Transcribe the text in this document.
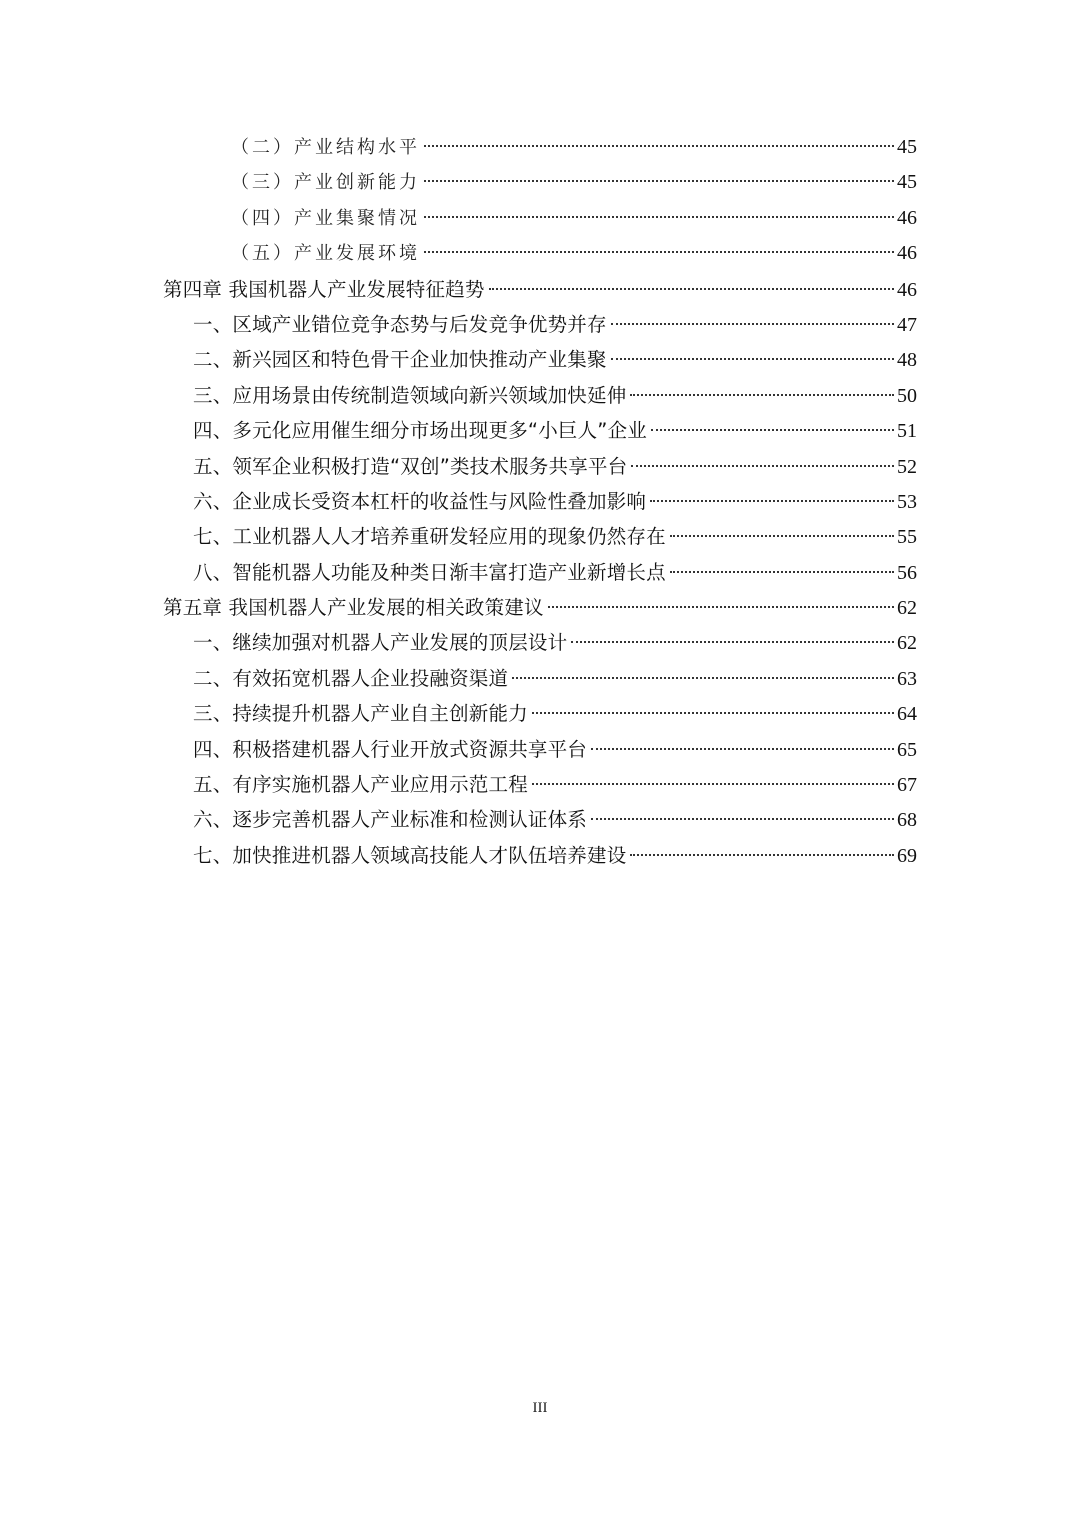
（二）产业结构水平	45
（三）产业创新能力	45
（四）产业集聚情况	46
（五）产业发展环境	46
第四章 我国机器人产业发展特征趋势	46
一、区域产业错位竞争态势与后发竞争优势并存	47
二、新兴园区和特色骨干企业加快推动产业集聚	48
三、应用场景由传统制造领域向新兴领域加快延伸	50
四、多元化应用催生细分市场出现更多“小巨人”企业	51
五、领军企业积极打造“双创”类技术服务共享平台	52
六、企业成长受资本杠杆的收益性与风险性叠加影响	53
七、工业机器人人才培养重研发轻应用的现象仍然存在	55
八、智能机器人功能及种类日渐丰富打造产业新增长点	56
第五章 我国机器人产业发展的相关政策建议	62
一、继续加强对机器人产业发展的顶层设计	62
二、有效拓宽机器人企业投融资渠道	63
三、持续提升机器人产业自主创新能力	64
四、积极搭建机器人行业开放式资源共享平台	65
五、有序实施机器人产业应用示范工程	67
六、逐步完善机器人产业标准和检测认证体系	68
七、加快推进机器人领域高技能人才队伍培养建设	69
III
